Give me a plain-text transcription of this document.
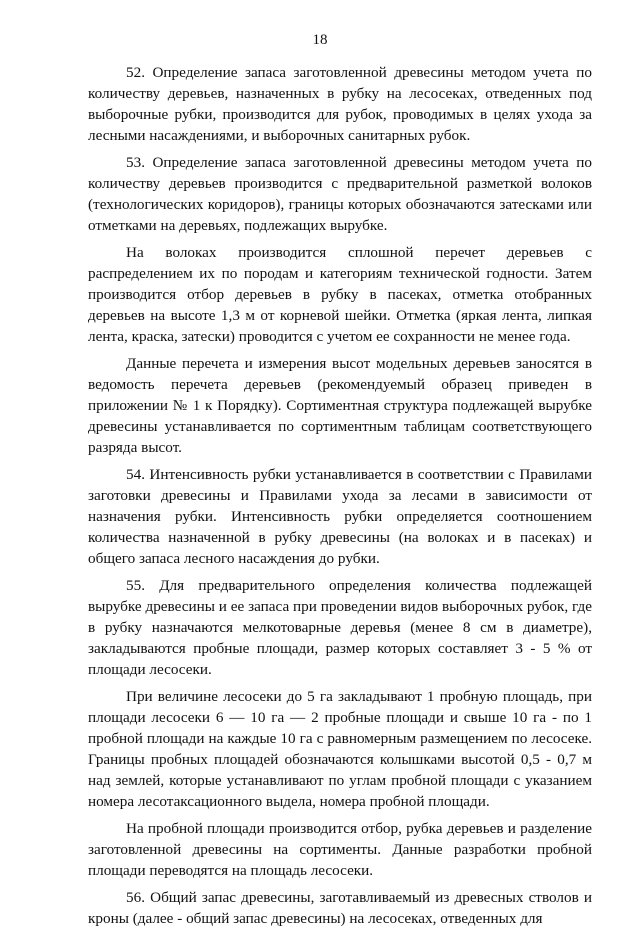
18

52. Определение запаса заготовленной древесины методом учета по количеству деревьев, назначенных в рубку на лесосеках, отведенных под выборочные рубки, производится для рубок, проводимых в целях ухода за лесными насаждениями, и выборочных санитарных рубок.

53. Определение запаса заготовленной древесины методом учета по количеству деревьев производится с предварительной разметкой волоков (технологических коридоров), границы которых обозначаются затесками или отметками на деревьях, подлежащих вырубке.

На волоках производится сплошной перечет деревьев с распределением их по породам и категориям технической годности. Затем производится отбор деревьев в рубку в пасеках, отметка отобранных деревьев на высоте 1,3 м от корневой шейки. Отметка (яркая лента, липкая лента, краска, затески) проводится с учетом ее сохранности не менее года.

Данные перечета и измерения высот модельных деревьев заносятся в ведомость перечета деревьев (рекомендуемый образец приведен в приложении № 1 к Порядку). Сортиментная структура подлежащей вырубке древесины устанавливается по сортиментным таблицам соответствующего разряда высот.

54. Интенсивность рубки устанавливается в соответствии с Правилами заготовки древесины и Правилами ухода за лесами в зависимости от назначения рубки. Интенсивность рубки определяется соотношением количества назначенной в рубку древесины (на волоках и в пасеках) и общего запаса лесного насаждения до рубки.

55. Для предварительного определения количества подлежащей вырубке древесины и ее запаса при проведении видов выборочных рубок, где в рубку назначаются мелкотоварные деревья (менее 8 см в диаметре), закладываются пробные площади, размер которых составляет 3 - 5 % от площади лесосеки.

При величине лесосеки до 5 га закладывают 1 пробную площадь, при площади лесосеки 6 — 10 га — 2 пробные площади и свыше 10 га - по 1 пробной площади на каждые 10 га с равномерным размещением по лесосеке. Границы пробных площадей обозначаются колышками высотой 0,5 - 0,7 м над землей, которые устанавливают по углам пробной площади с указанием номера лесотаксационного выдела, номера пробной площади.

На пробной площади производится отбор, рубка деревьев и разделение заготовленной древесины на сортименты. Данные разработки пробной площади переводятся на площадь лесосеки.

56. Общий запас древесины, заготавливаемый из древесных стволов и кроны (далее - общий запас древесины) на лесосеках, отведенных для
